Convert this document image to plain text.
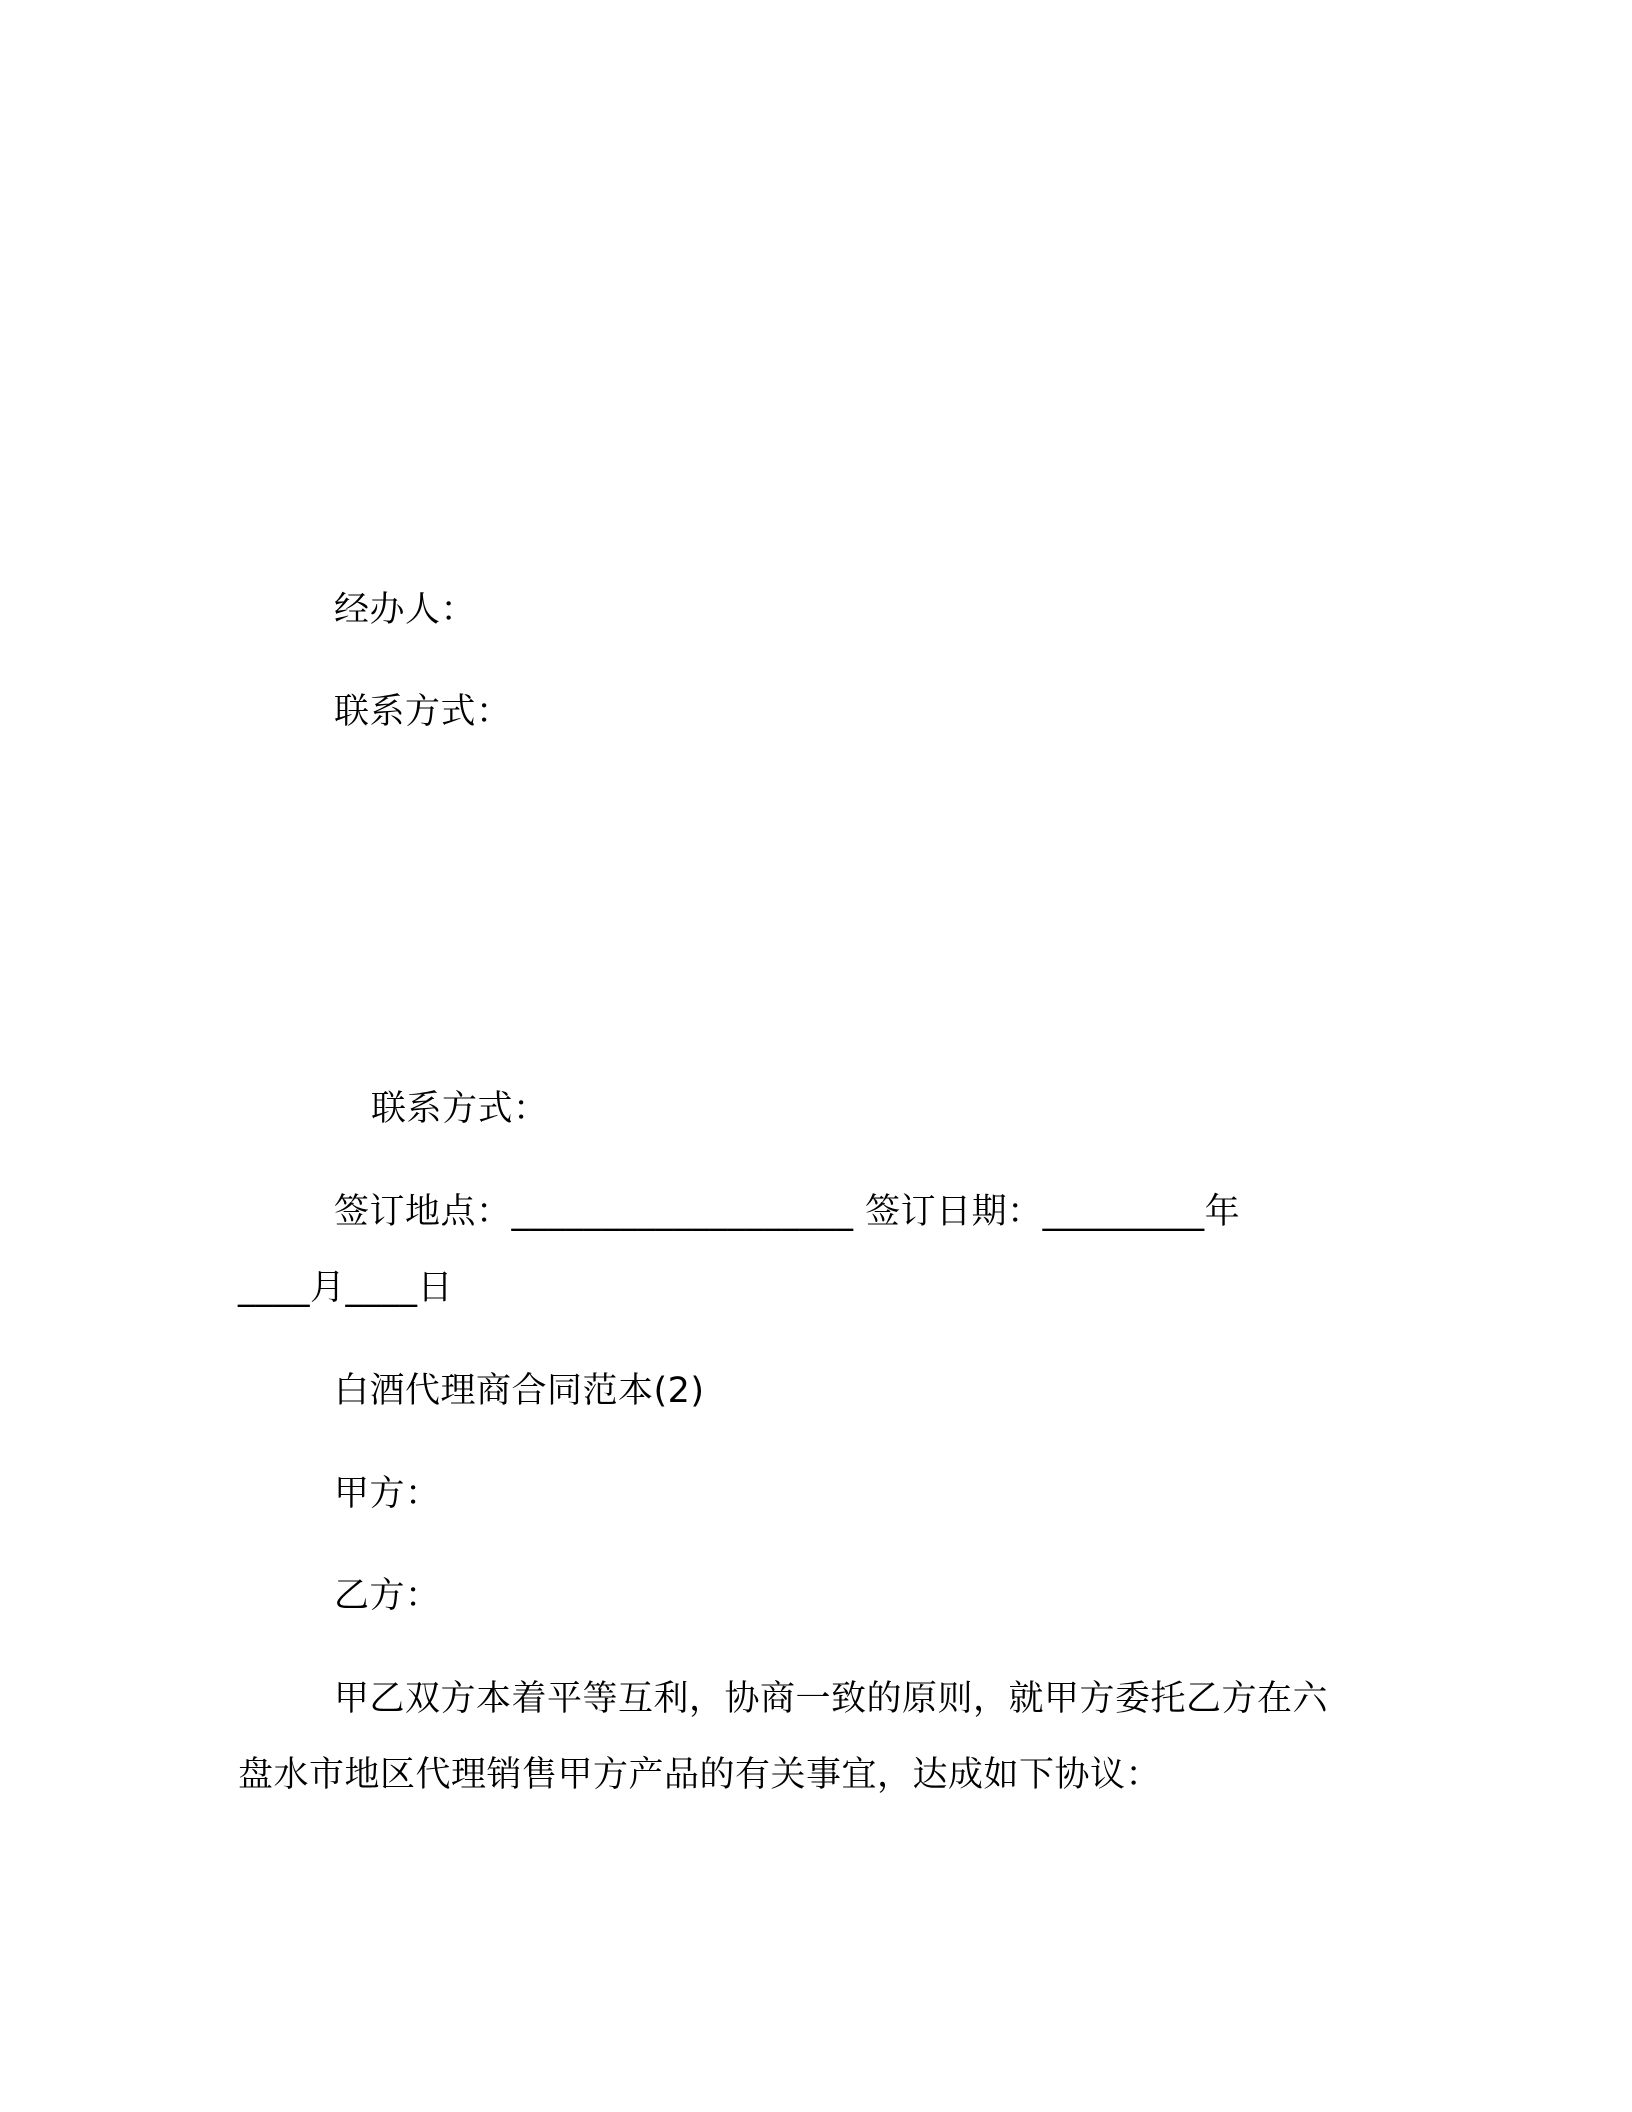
经办人：
联系方式：
联系方式：
签订地点：___________________ 签订日期：_________年
____月____日
白酒代理商合同范本(2)
甲方：
乙方：
甲乙双方本着平等互利，协商一致的原则，就甲方委托乙方在六
盘水市地区代理销售甲方产品的有关事宜，达成如下协议：
